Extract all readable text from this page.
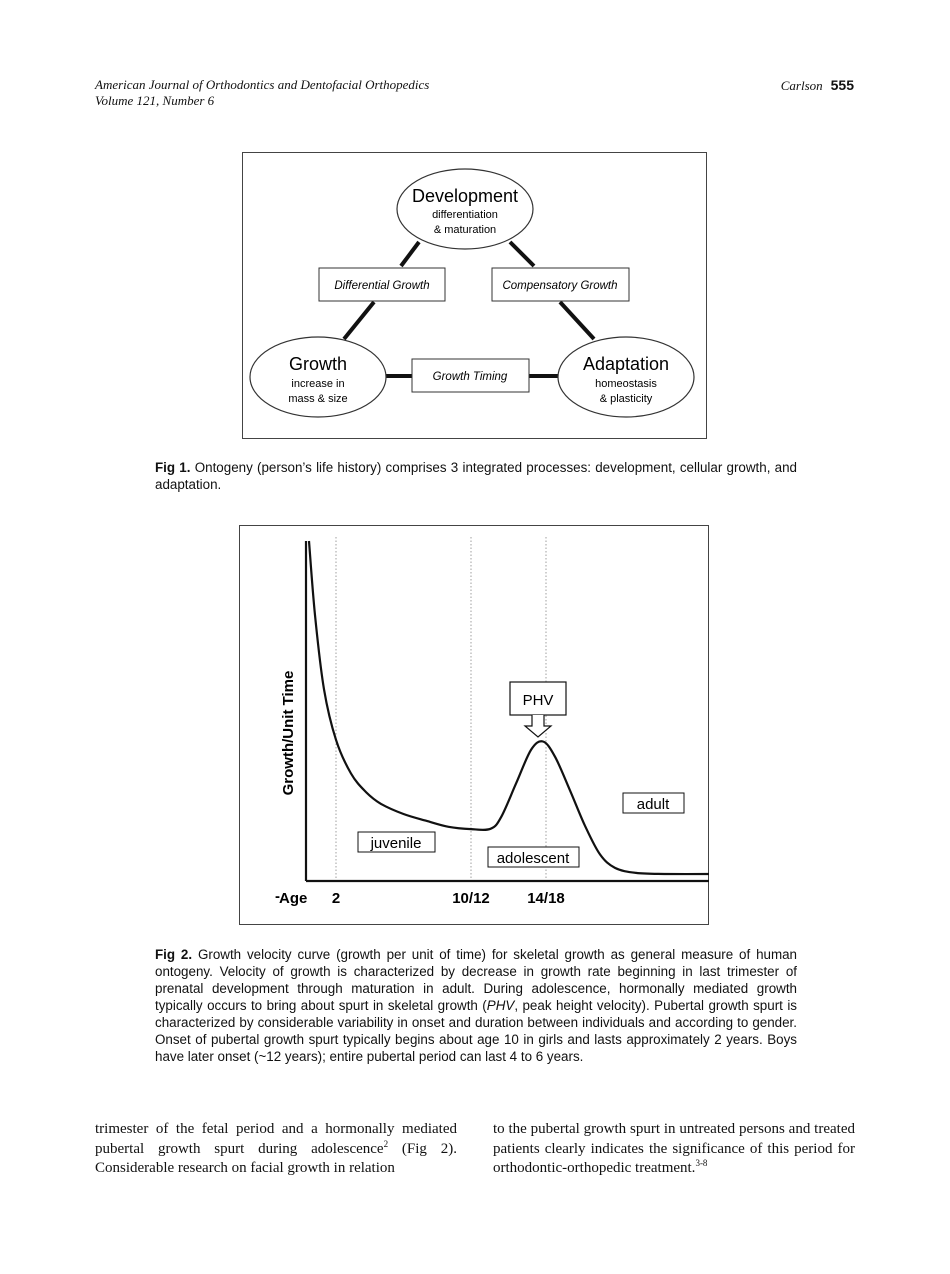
American Journal of Orthodontics and Dentofacial Orthopedics
Volume 121, Number 6
Carlson 555
Development
differentiation
& maturation
Growth
increase in
mass & size
Adaptation
homeostasis
& plasticity
Differential Growth	Compensatory Growth
Growth Timing
Fig 1. Ontogeny (person’s life history) comprises 3 integrated processes: development, cellular growth, and adaptation.
Growth/Unit Time
- Age 2	10/12 14/18
PHV
juvenile
adolescent
adult
Fig 2. Growth velocity curve (growth per unit of time) for skeletal growth as general measure of human ontogeny. Velocity of growth is characterized by decrease in growth rate beginning in last trimester of prenatal development through maturation in adult. During adolescence, hormonally mediated growth typically occurs to bring about spurt in skeletal growth (PHV, peak height velocity). Pubertal growth spurt is characterized by considerable variability in onset and duration between individuals and according to gender. Onset of pubertal growth spurt typically begins about age 10 in girls and lasts approximately 2 years. Boys have later onset (~12 years); entire pubertal period can last 4 to 6 years.
trimester of the fetal period and a hormonally mediated pubertal growth spurt during adolescence$^2$ (Fig 2). Considerable research on facial growth in relation
to the pubertal growth spurt in untreated persons and treated patients clearly indicates the significance of this period for orthodontic-orthopedic treatment.$^{3-8}$
